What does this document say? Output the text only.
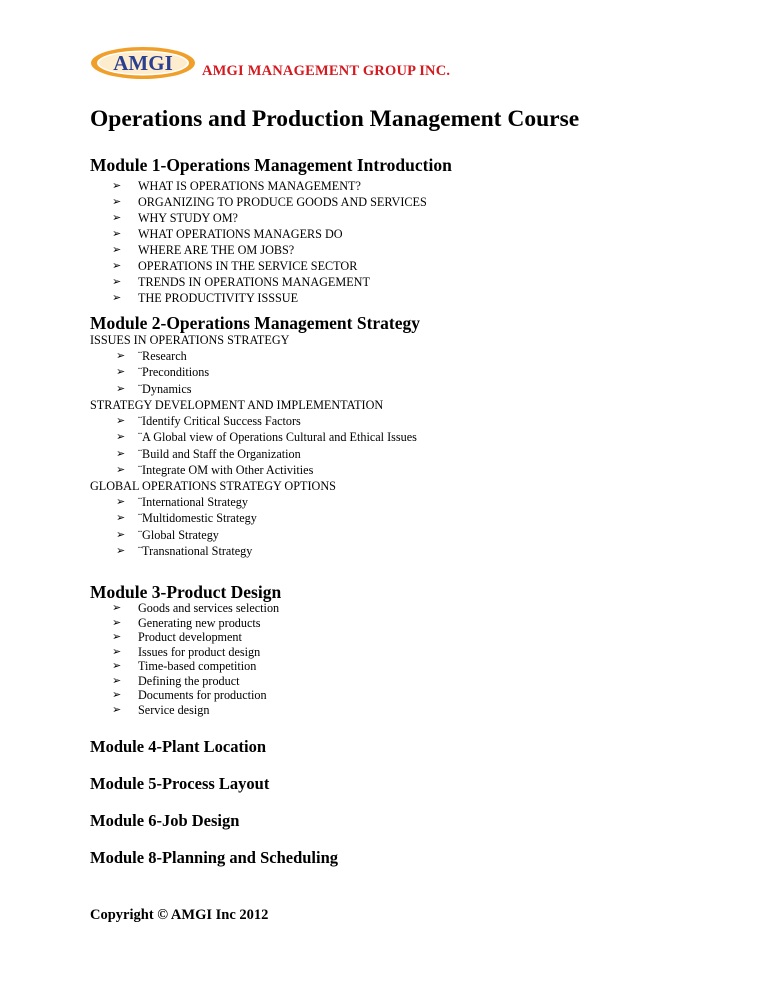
AMGI AMGI MANAGEMENT GROUP INC.
Operations and Production Management Course
Module 1-Operations Management Introduction
➢ WHAT IS OPERATIONS MANAGEMENT?
➢ ORGANIZING TO PRODUCE GOODS AND SERVICES
➢ WHY STUDY OM?
➢ WHAT OPERATIONS MANAGERS DO
➢ WHERE ARE THE OM JOBS?
➢ OPERATIONS IN THE SERVICE SECTOR
➢ TRENDS IN OPERATIONS MANAGEMENT
➢ THE PRODUCTIVITY ISSSUE
Module 2-Operations Management Strategy
ISSUES IN OPERATIONS STRATEGY
➢ ¨Research
➢ ¨Preconditions
➢ ¨Dynamics
STRATEGY DEVELOPMENT AND IMPLEMENTATION
➢ ¨Identify Critical Success Factors
➢ ¨A Global view of Operations Cultural and Ethical Issues
➢ ¨Build and Staff the Organization
➢ ¨Integrate OM with Other Activities
GLOBAL OPERATIONS STRATEGY OPTIONS
➢ ¨International Strategy
➢ ¨Multidomestic Strategy
➢ ¨Global Strategy
➢ ¨Transnational Strategy
Module 3-Product Design
➢ Goods and services selection
➢ Generating new products
➢ Product development
➢ Issues for product design
➢ Time-based competition
➢ Defining the product
➢ Documents for production
➢ Service design
Module 4-Plant Location
Module 5-Process Layout
Module 6-Job Design
Module 8-Planning and Scheduling
Copyright © AMGI Inc 2012
